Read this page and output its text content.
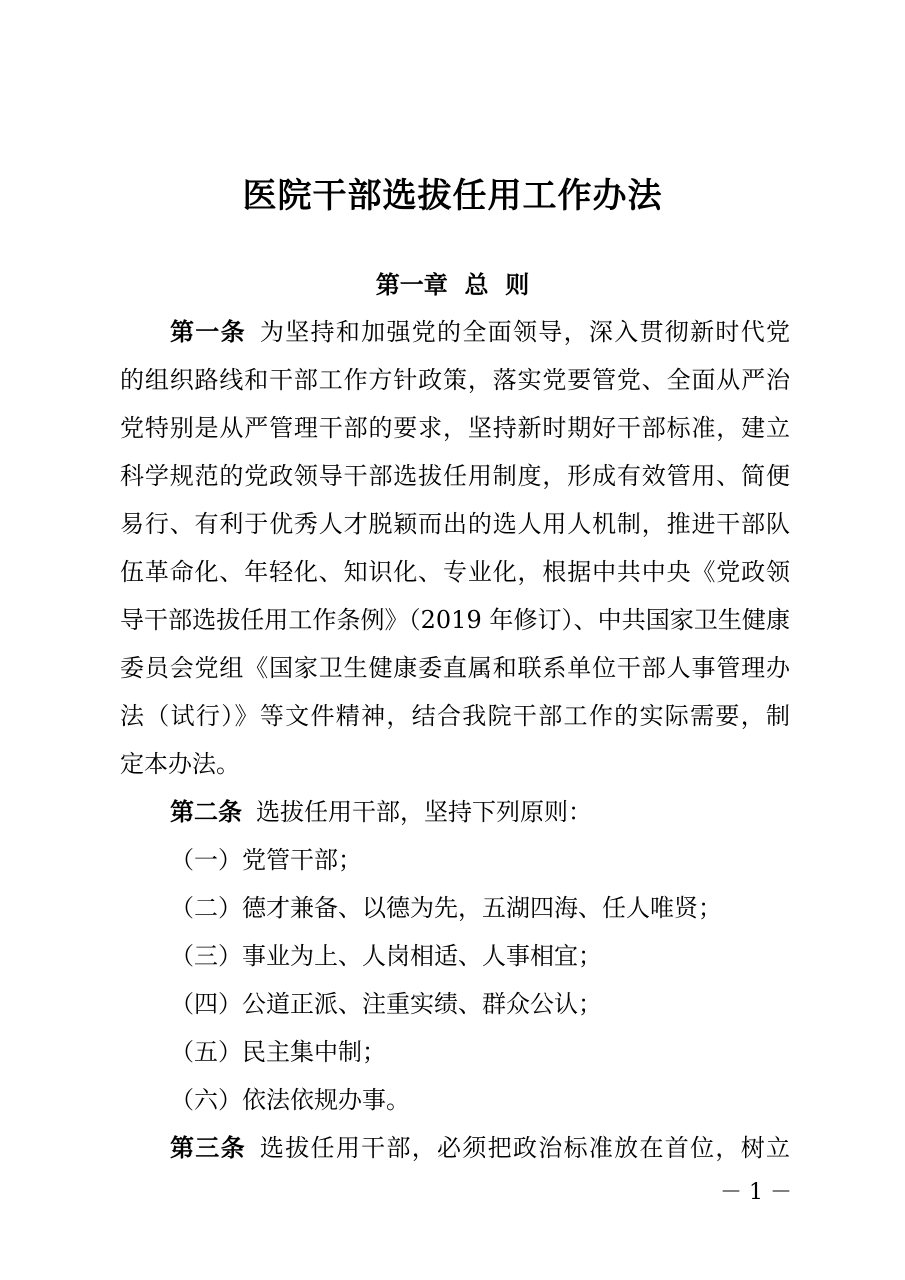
医院干部选拔任用工作办法
第一章  总  则
第一条 为坚持和加强党的全面领导，深入贯彻新时代党
的组织路线和干部工作方针政策，落实党要管党、全面从严治
党特别是从严管理干部的要求，坚持新时期好干部标准，建立
科学规范的党政领导干部选拔任用制度，形成有效管用、简便
易行、有利于优秀人才脱颖而出的选人用人机制，推进干部队
伍革命化、年轻化、知识化、专业化，根据中共中央《党政领
导干部选拔任用工作条例》（2019 年修订）、中共国家卫生健康
委员会党组《国家卫生健康委直属和联系单位干部人事管理办
法（试行）》等文件精神，结合我院干部工作的实际需要，制
定本办法。
第二条 选拔任用干部，坚持下列原则：
（一）党管干部；
（二）德才兼备、以德为先，五湖四海、任人唯贤；
（三）事业为上、人岗相适、人事相宜；
（四）公道正派、注重实绩、群众公认；
（五）民主集中制；
（六）依法依规办事。
第三条 选拔任用干部，必须把政治标准放在首位，树立
－ 1 －
